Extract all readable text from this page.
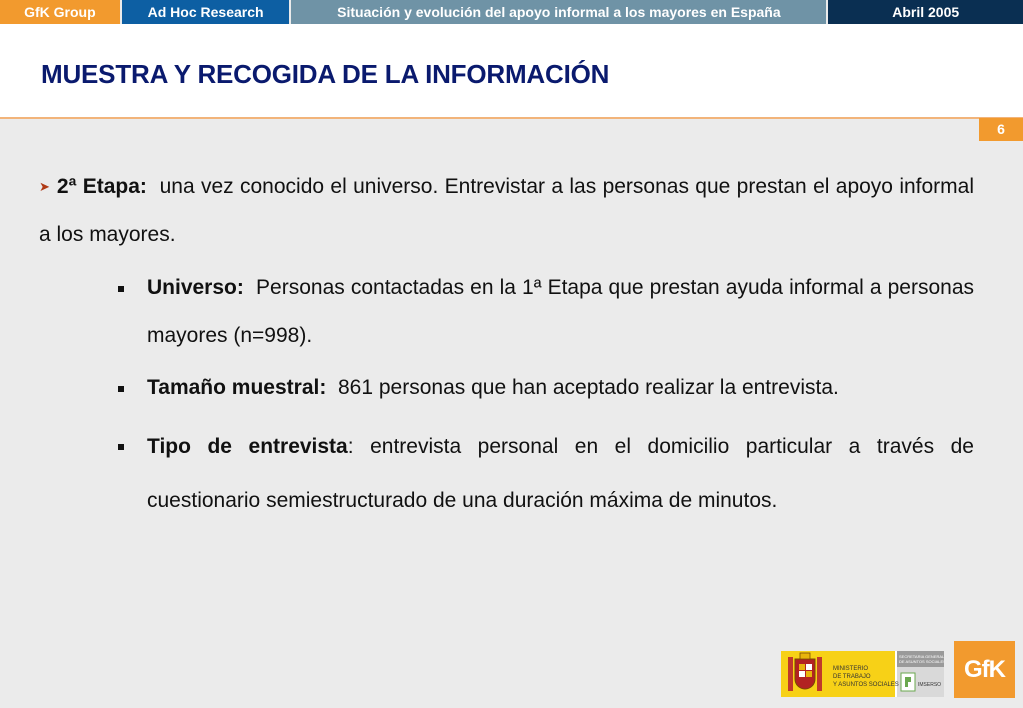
GfK Group	Ad Hoc Research	Situación y evolución del apoyo informal a los mayores en España	Abril 2005
MUESTRA Y RECOGIDA DE LA INFORMACIÓN
6
➤ 2ª Etapa: una vez conocido el universo. Entrevistar a las personas que prestan el apoyo informal a los mayores.
Universo: Personas contactadas en la 1ª Etapa que prestan ayuda informal a personas mayores (n=998).
Tamaño muestral: 861 personas que han aceptado realizar la entrevista.
Tipo de entrevista: entrevista personal en el domicilio particular a través de cuestionario semiestructurado de una duración máxima de minutos.
MINISTERIO
DE TRABAJO
Y ASUNTOS SOCIALES
SECRETARIA GENERAL
DE ASUNTOS SOCIALES
IMSERSO
GfK
